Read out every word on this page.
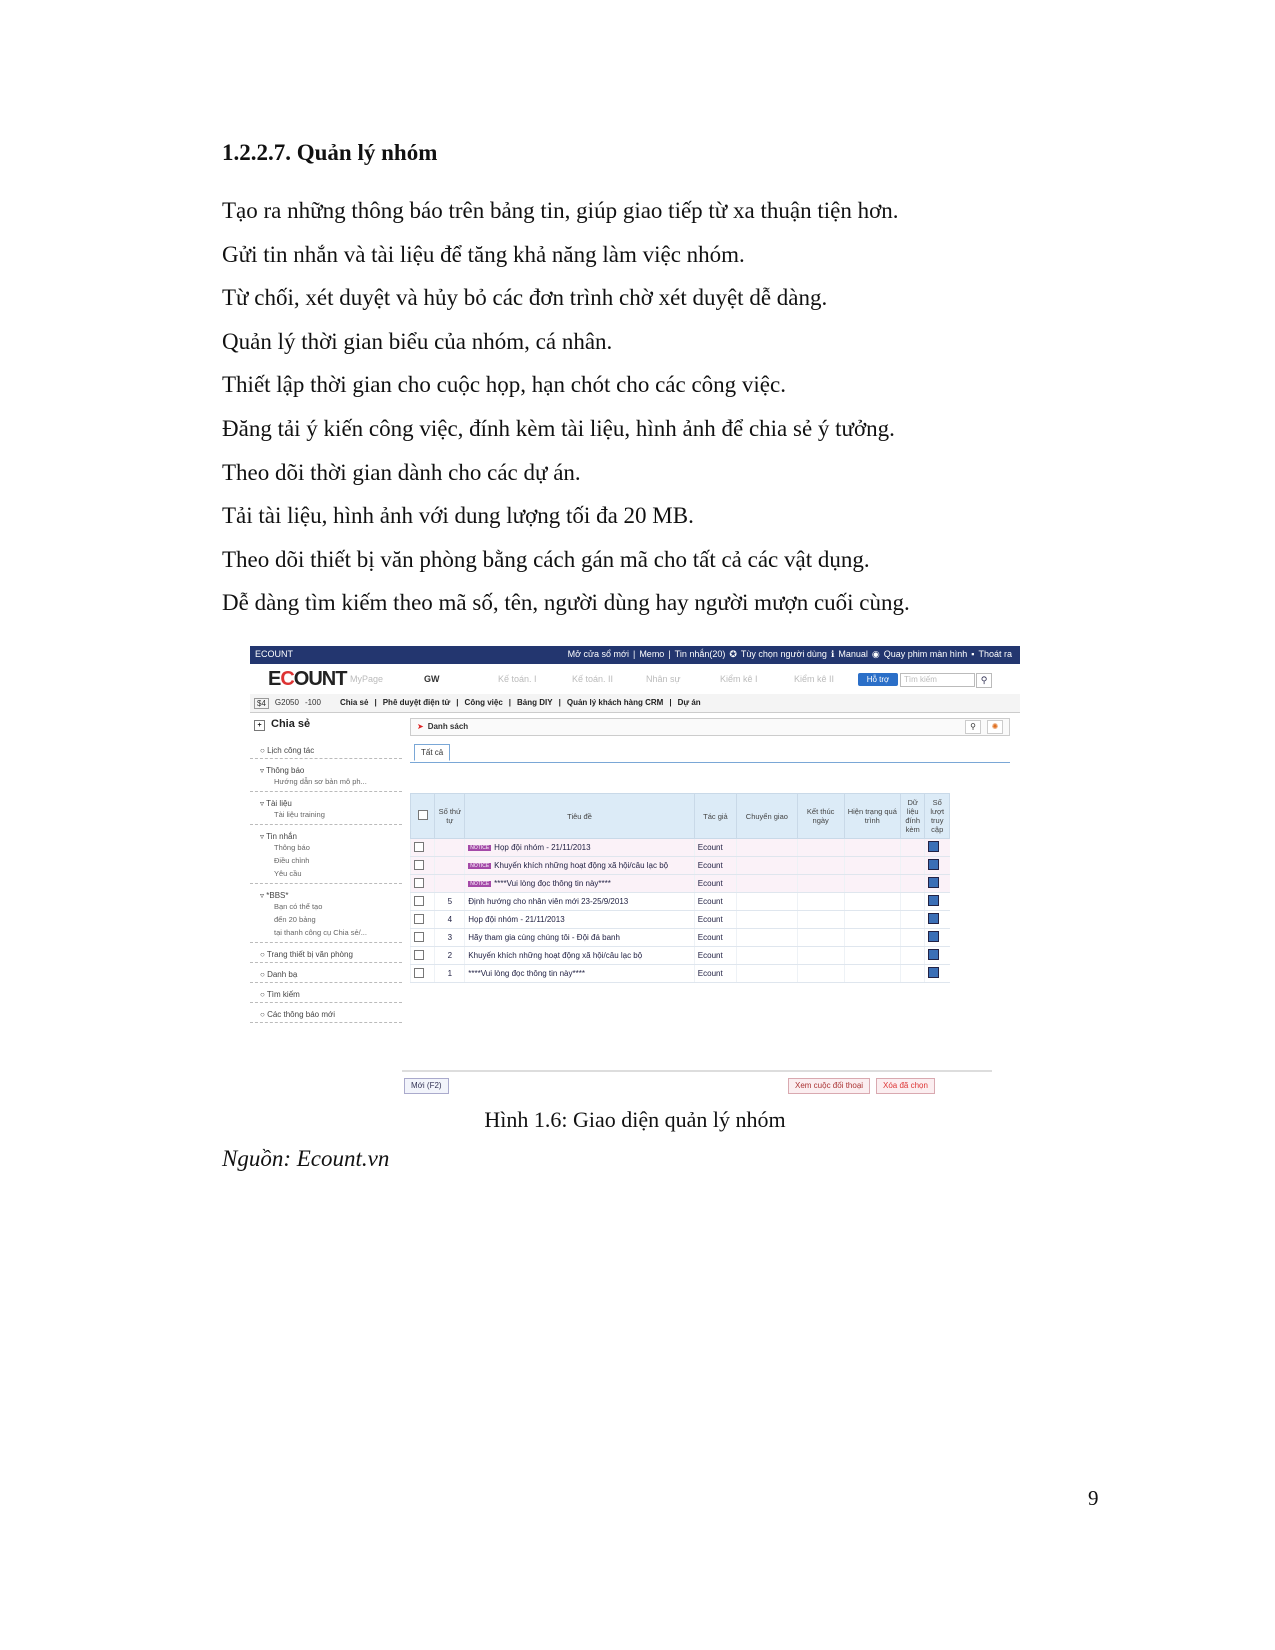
1.2.2.7. Quản lý nhóm

Tạo ra những thông báo trên bảng tin, giúp giao tiếp từ xa thuận tiện hơn.

Gửi tin nhắn và tài liệu để tăng khả năng làm việc nhóm.

Từ chối, xét duyệt và hủy bỏ các đơn trình chờ xét duyệt dễ dàng.

Quản lý thời gian biểu của nhóm, cá nhân.

Thiết lập thời gian cho cuộc họp, hạn chót cho các công việc.

Đăng tải ý kiến công việc, đính kèm tài liệu, hình ảnh để chia sẻ ý tưởng.

Theo dõi thời gian dành cho các dự án.

Tải tài liệu, hình ảnh với dung lượng tối đa 20 MB.

Theo dõi thiết bị văn phòng bằng cách gán mã cho tất cả các vật dụng.

Dễ dàng tìm kiếm theo mã số, tên, người dùng hay người mượn cuối cùng.

ECOUNT	Mở cửa sổ mới | Memo | Tin nhắn(20) ✪ Tùy chọn người dùng ℹ Manual ◉ Quay phim màn hình ▪ Thoát ra
ECOUNT MyPage	GW	Kế toán. I	Kế toán. II	Nhân sự	Kiểm kê I	Kiểm kê II	Hỗ trợ	Tìm kiếm	⚲
$4	G2050 -100 Chia sẻ | Phê duyệt điện tử | Công việc | Bảng DIY | Quản lý khách hàng CRM | Dự án
+ Chia sẻ
○ Lịch công tác
▿ Thông báo
Hướng dẫn sơ bản mô ph...
▿ Tài liệu
Tài liệu training
▿ Tin nhắn
Thông báo
Điều chỉnh
Yêu cầu
▿ *BBS*
Bạn có thể tạo
đến 20 bảng
tại thanh công cụ Chia sẻ/...
○ Trang thiết bị văn phòng
○ Danh bạ
○ Tìm kiếm
○ Các thông báo mới
➤ Danh sách	⚲	✺
Tất cả
	Số thứ tự	Tiêu đề	Tác giả	Chuyển giao	Kết thúc ngày	Hiện trạng quá trình	Dữ liệu đính kèm	Số lượt truy cập
		NOTICE Họp đội nhóm - 21/11/2013	Ecount					
		NOTICE Khuyến khích những hoạt động xã hội/câu lạc bộ	Ecount					
		NOTICE ****Vui lòng đọc thông tin này****	Ecount					
	5	Định hướng cho nhân viên mới 23-25/9/2013	Ecount					
	4	Họp đội nhóm - 21/11/2013	Ecount					
	3	Hãy tham gia cùng chúng tôi - Đội đá banh	Ecount					
	2	Khuyến khích những hoạt động xã hội/câu lạc bộ	Ecount					
	1	****Vui lòng đọc thông tin này****	Ecount					
Mới (F2)	Xem cuộc đối thoại	Xóa đã chọn
Hình 1.6: Giao diện quản lý nhóm
Nguồn: Ecount.vn
9
